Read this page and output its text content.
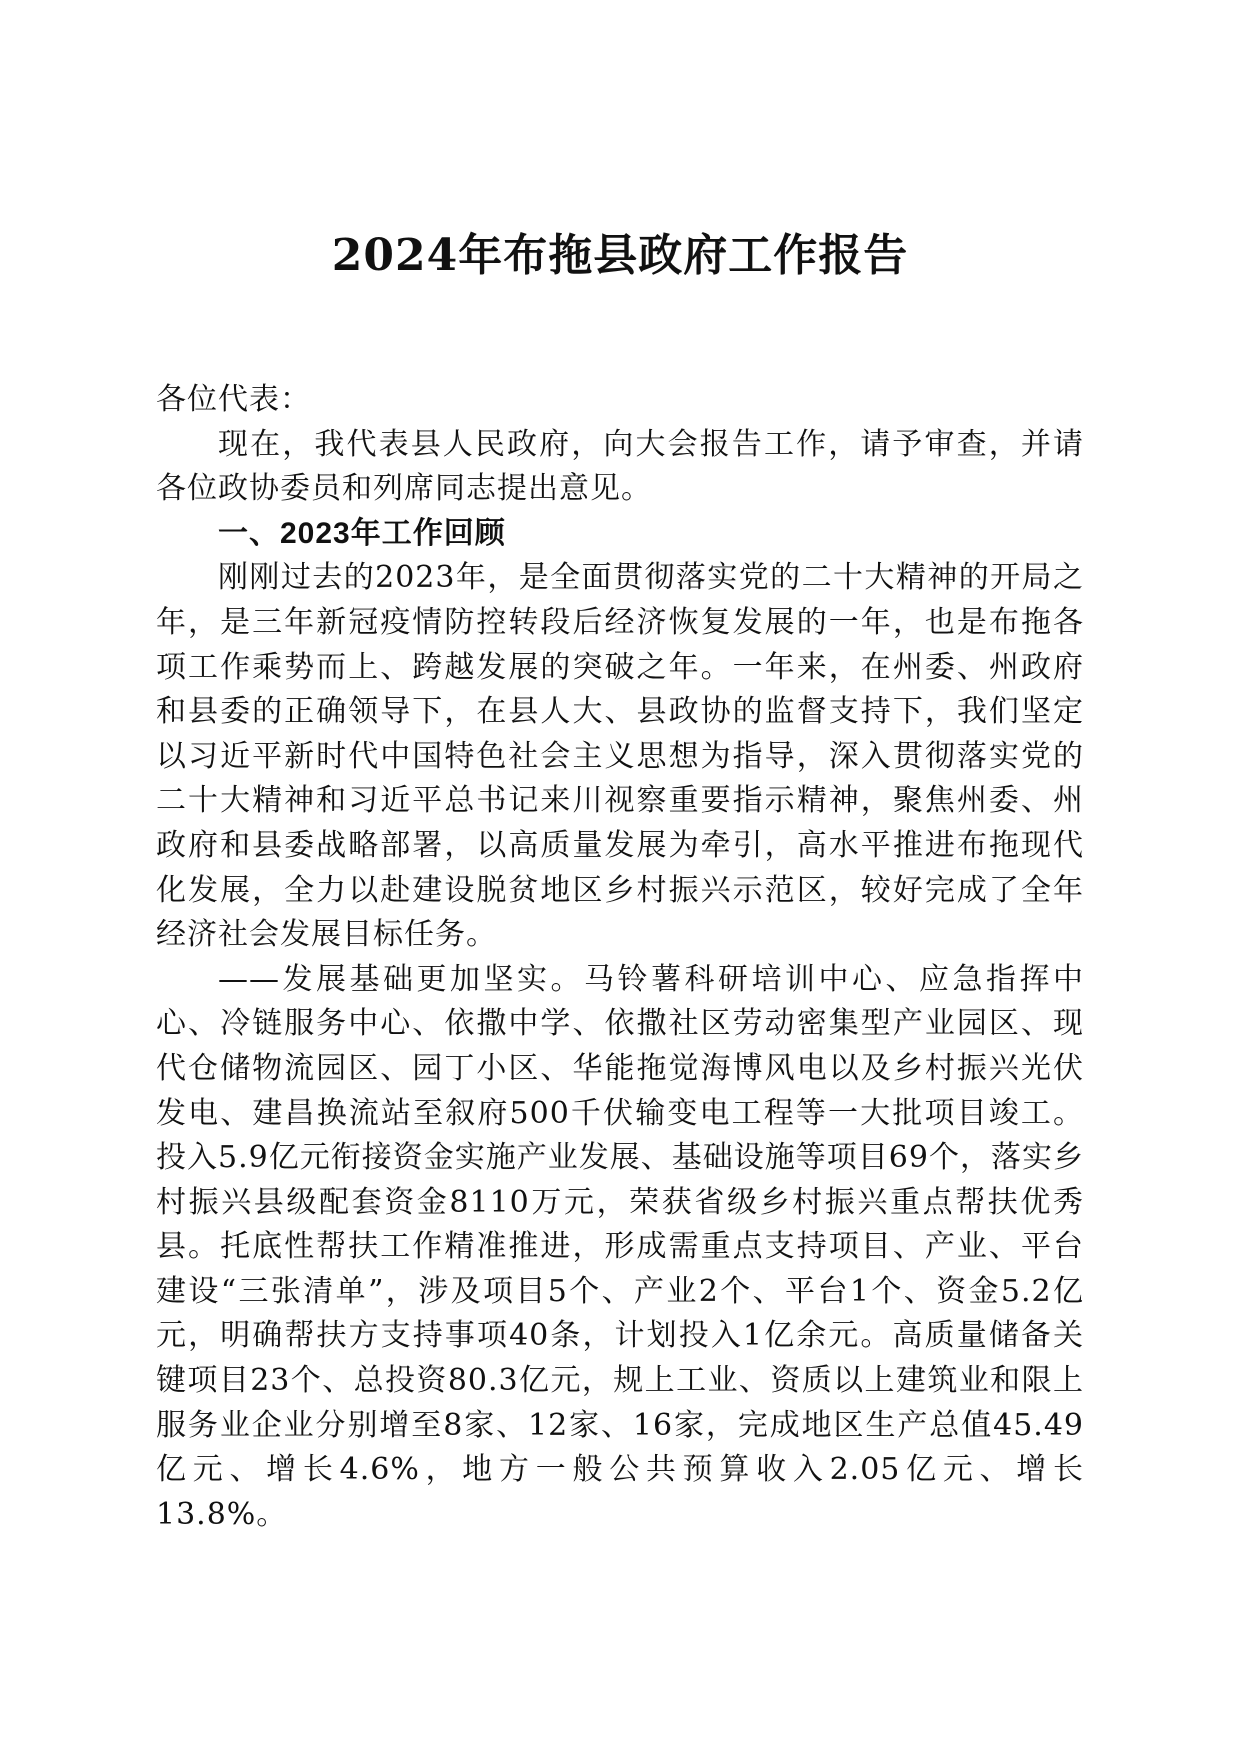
2024年布拖县政府工作报告

各位代表：

现在，我代表县人民政府，向大会报告工作，请予审查，并请各位政协委员和列席同志提出意见。

一、2023年工作回顾

刚刚过去的2023年，是全面贯彻落实党的二十大精神的开局之年，是三年新冠疫情防控转段后经济恢复发展的一年，也是布拖各项工作乘势而上、跨越发展的突破之年。一年来，在州委、州政府和县委的正确领导下，在县人大、县政协的监督支持下，我们坚定以习近平新时代中国特色社会主义思想为指导，深入贯彻落实党的二十大精神和习近平总书记来川视察重要指示精神，聚焦州委、州政府和县委战略部署，以高质量发展为牵引，高水平推进布拖现代化发展，全力以赴建设脱贫地区乡村振兴示范区，较好完成了全年经济社会发展目标任务。

——发展基础更加坚实。马铃薯科研培训中心、应急指挥中心、冷链服务中心、依撒中学、依撒社区劳动密集型产业园区、现代仓储物流园区、园丁小区、华能拖觉海博风电以及乡村振兴光伏发电、建昌换流站至叙府500千伏输变电工程等一大批项目竣工。投入5.9亿元衔接资金实施产业发展、基础设施等项目69个，落实乡村振兴县级配套资金8110万元，荣获省级乡村振兴重点帮扶优秀县。托底性帮扶工作精准推进，形成需重点支持项目、产业、平台建设“三张清单”，涉及项目5个、产业2个、平台1个、资金5.2亿元，明确帮扶方支持事项40条，计划投入1亿余元。高质量储备关键项目23个、总投资80.3亿元，规上工业、资质以上建筑业和限上服务业企业分别增至8家、12家、16家，完成地区生产总值45.49亿元、增长4.6%，地方一般公共预算收入2.05亿元、增长13.8%。
